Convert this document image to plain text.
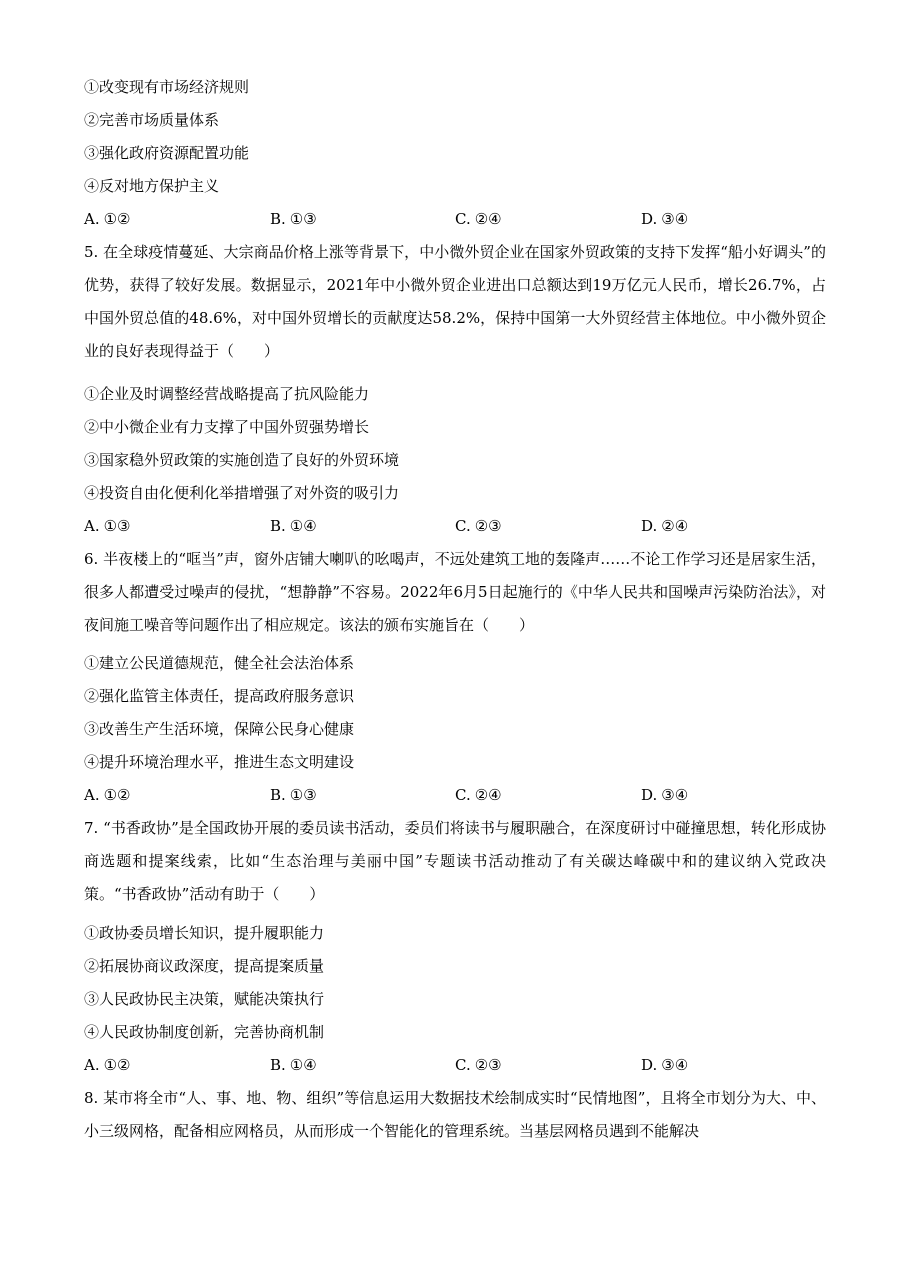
①改变现有市场经济规则
②完善市场质量体系
③强化政府资源配置功能
④反对地方保护主义
A. ①②	B. ①③	C. ②④	D. ③④

5. 在全球疫情蔓延、大宗商品价格上涨等背景下，中小微外贸企业在国家外贸政策的支持下发挥“船小好调头”的优势，获得了较好发展。数据显示，2021年中小微外贸企业进出口总额达到19万亿元人民币，增长26.7%，占中国外贸总值的48.6%，对中国外贸增长的贡献度达58.2%，保持中国第一大外贸经营主体地位。中小微外贸企业的良好表现得益于（　　）

①企业及时调整经营战略提高了抗风险能力
②中小微企业有力支撑了中国外贸强势增长
③国家稳外贸政策的实施创造了良好的外贸环境
④投资自由化便利化举措增强了对外资的吸引力
A. ①③	B. ①④	C. ②③	D. ②④

6. 半夜楼上的“哐当”声，窗外店铺大喇叭的吆喝声，不远处建筑工地的轰隆声……不论工作学习还是居家生活，很多人都遭受过噪声的侵扰，“想静静”不容易。2022年6月5日起施行的《中华人民共和国噪声污染防治法》，对夜间施工噪音等问题作出了相应规定。该法的颁布实施旨在（　　）

①建立公民道德规范，健全社会法治体系
②强化监管主体责任，提高政府服务意识
③改善生产生活环境，保障公民身心健康
④提升环境治理水平，推进生态文明建设
A. ①②	B. ①③	C. ②④	D. ③④

7. “书香政协”是全国政协开展的委员读书活动，委员们将读书与履职融合，在深度研讨中碰撞思想，转化形成协商选题和提案线索，比如“生态治理与美丽中国”专题读书活动推动了有关碳达峰碳中和的建议纳入党政决策。“书香政协”活动有助于（　　）

①政协委员增长知识，提升履职能力
②拓展协商议政深度，提高提案质量
③人民政协民主决策，赋能决策执行
④人民政协制度创新，完善协商机制
A. ①②	B. ①④	C. ②③	D. ③④

8. 某市将全市“人、事、地、物、组织”等信息运用大数据技术绘制成实时“民情地图”，且将全市划分为大、中、小三级网格，配备相应网格员，从而形成一个智能化的管理系统。当基层网格员遇到不能解决
